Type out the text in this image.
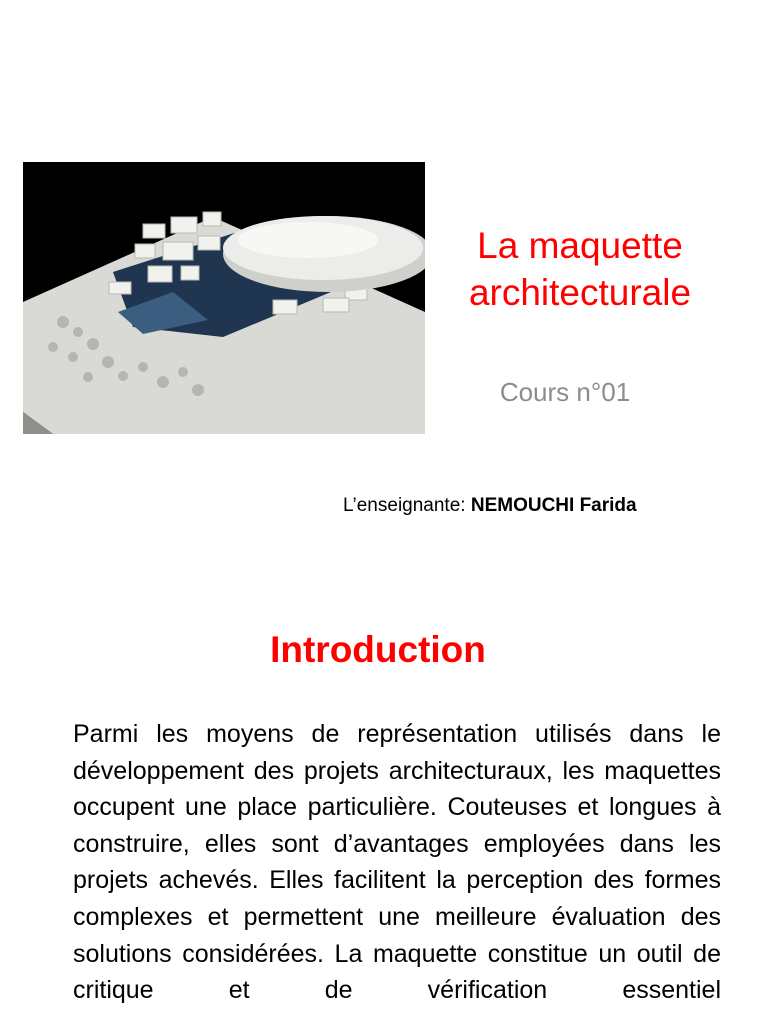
La maquette
architecturale
Cours n°01
L’enseignante: NEMOUCHI Farida
Introduction
Parmi les moyens de représentation utilisés dans le développement des projets architecturaux, les maquettes occupent une place particulière. Couteuses et longues à construire, elles sont d’avantages employées dans les projets achevés. Elles facilitent la perception des formes complexes et permettent une meilleure évaluation des solutions considérées. La maquette constitue un outil de critique et de vérification essentiel
